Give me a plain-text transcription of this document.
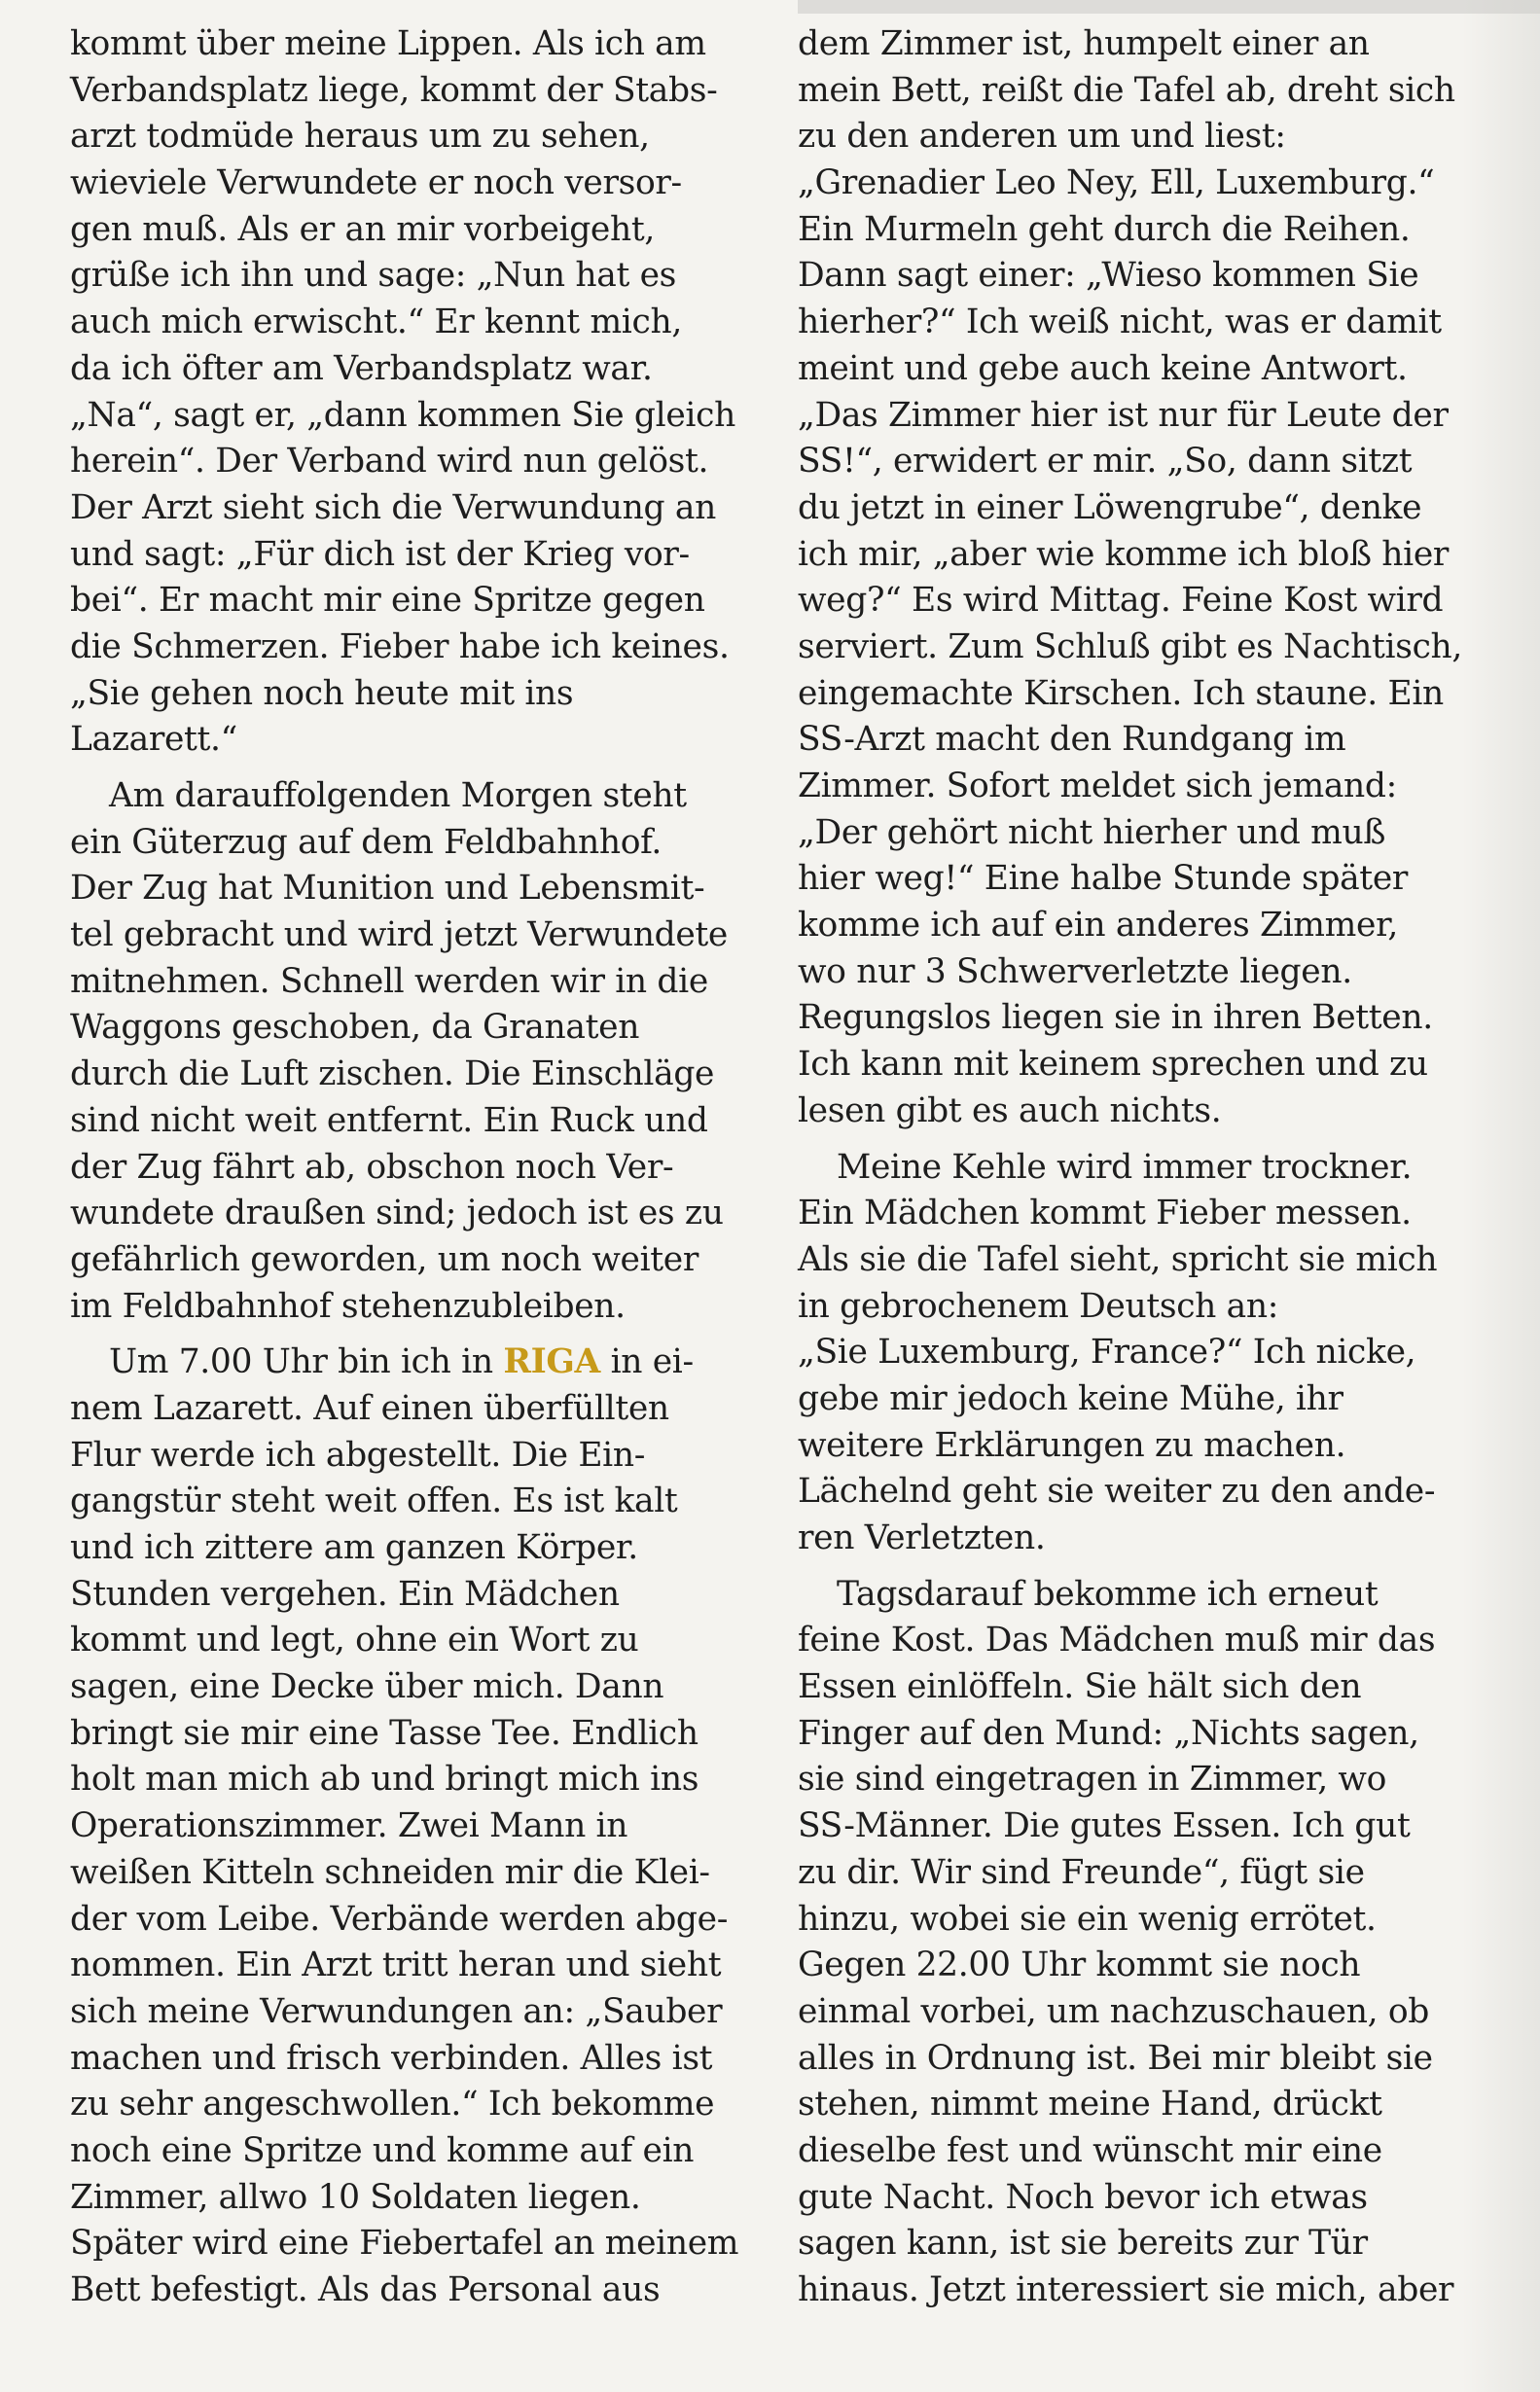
kommt über meine Lippen. Als ich am
Verbandsplatz liege, kommt der Stabs-
arzt todmüde heraus um zu sehen,
wieviele Verwundete er noch versor-
gen muß. Als er an mir vorbeigeht,
grüße ich ihn und sage: „Nun hat es
auch mich erwischt.“ Er kennt mich,
da ich öfter am Verbandsplatz war.
„Na“, sagt er, „dann kommen Sie gleich
herein“. Der Verband wird nun gelöst.
Der Arzt sieht sich die Verwundung an
und sagt: „Für dich ist der Krieg vor-
bei“. Er macht mir eine Spritze gegen
die Schmerzen. Fieber habe ich keines.
„Sie gehen noch heute mit ins
Lazarett.“
Am darauffolgenden Morgen steht
ein Güterzug auf dem Feldbahnhof.
Der Zug hat Munition und Lebensmit-
tel gebracht und wird jetzt Verwundete
mitnehmen. Schnell werden wir in die
Waggons geschoben, da Granaten
durch die Luft zischen. Die Einschläge
sind nicht weit entfernt. Ein Ruck und
der Zug fährt ab, obschon noch Ver-
wundete draußen sind; jedoch ist es zu
gefährlich geworden, um noch weiter
im Feldbahnhof stehenzubleiben.
Um 7.00 Uhr bin ich in RIGA in ei-
nem Lazarett. Auf einen überfüllten
Flur werde ich abgestellt. Die Ein-
gangstür steht weit offen. Es ist kalt
und ich zittere am ganzen Körper.
Stunden vergehen. Ein Mädchen
kommt und legt, ohne ein Wort zu
sagen, eine Decke über mich. Dann
bringt sie mir eine Tasse Tee. Endlich
holt man mich ab und bringt mich ins
Operationszimmer. Zwei Mann in
weißen Kitteln schneiden mir die Klei-
der vom Leibe. Verbände werden abge-
nommen. Ein Arzt tritt heran und sieht
sich meine Verwundungen an: „Sauber
machen und frisch verbinden. Alles ist
zu sehr angeschwollen.“ Ich bekomme
noch eine Spritze und komme auf ein
Zimmer, allwo 10 Soldaten liegen.
Später wird eine Fiebertafel an meinem
Bett befestigt. Als das Personal aus
dem Zimmer ist, humpelt einer an
mein Bett, reißt die Tafel ab, dreht sich
zu den anderen um und liest:
„Grenadier Leo Ney, Ell, Luxemburg.“
Ein Murmeln geht durch die Reihen.
Dann sagt einer: „Wieso kommen Sie
hierher?“ Ich weiß nicht, was er damit
meint und gebe auch keine Antwort.
„Das Zimmer hier ist nur für Leute der
SS!“, erwidert er mir. „So, dann sitzt
du jetzt in einer Löwengrube“, denke
ich mir, „aber wie komme ich bloß hier
weg?“ Es wird Mittag. Feine Kost wird
serviert. Zum Schluß gibt es Nachtisch,
eingemachte Kirschen. Ich staune. Ein
SS-Arzt macht den Rundgang im
Zimmer. Sofort meldet sich jemand:
„Der gehört nicht hierher und muß
hier weg!“ Eine halbe Stunde später
komme ich auf ein anderes Zimmer,
wo nur 3 Schwerverletzte liegen.
Regungslos liegen sie in ihren Betten.
Ich kann mit keinem sprechen und zu
lesen gibt es auch nichts.
Meine Kehle wird immer trockner.
Ein Mädchen kommt Fieber messen.
Als sie die Tafel sieht, spricht sie mich
in gebrochenem Deutsch an:
„Sie Luxemburg, France?“ Ich nicke,
gebe mir jedoch keine Mühe, ihr
weitere Erklärungen zu machen.
Lächelnd geht sie weiter zu den ande-
ren Verletzten.
Tagsdarauf bekomme ich erneut
feine Kost. Das Mädchen muß mir das
Essen einlöffeln. Sie hält sich den
Finger auf den Mund: „Nichts sagen,
sie sind eingetragen in Zimmer, wo
SS-Männer. Die gutes Essen. Ich gut
zu dir. Wir sind Freunde“, fügt sie
hinzu, wobei sie ein wenig errötet.
Gegen 22.00 Uhr kommt sie noch
einmal vorbei, um nachzuschauen, ob
alles in Ordnung ist. Bei mir bleibt sie
stehen, nimmt meine Hand, drückt
dieselbe fest und wünscht mir eine
gute Nacht. Noch bevor ich etwas
sagen kann, ist sie bereits zur Tür
hinaus. Jetzt interessiert sie mich, aber
